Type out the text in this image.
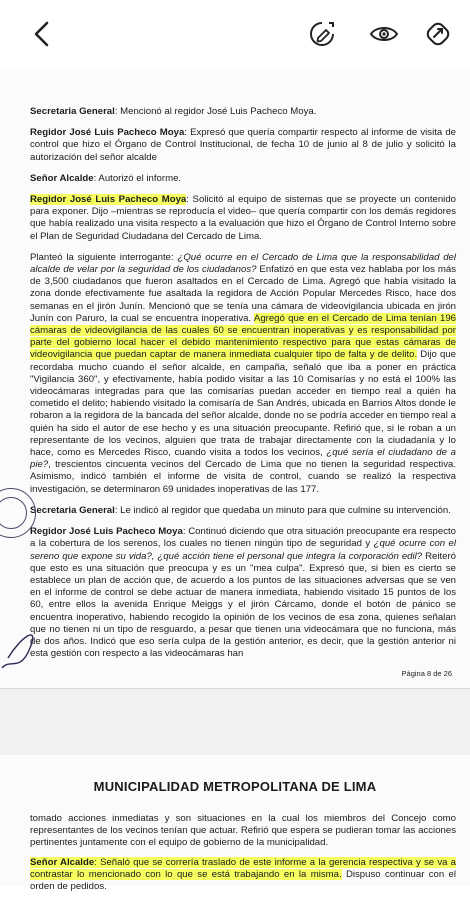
Secretaria General: Mencionó al regidor José Luis Pacheco Moya.

Regidor José Luis Pacheco Moya: Expresó que quería compartir respecto al informe de visita de control que hizo el Órgano de Control Institucional, de fecha 10 de junio al 8 de julio y solicitó la autorización del señor alcalde

Señor Alcalde: Autorizó el informe.

Regidor José Luis Pacheco Moya: Solicitó al equipo de sistemas que se proyecte un contenido para exponer. Dijo –mientras se reproducía el video– que quería compartir con los demás regidores que había realizado una visita respecto a la evaluación que hizo el Órgano de Control Interno sobre el Plan de Seguridad Ciudadana del Cercado de Lima.

Planteó la siguiente interrogante: ¿Qué ocurre en el Cercado de Lima que la responsabilidad del alcalde de velar por la seguridad de los ciudadanos? Enfatizó en que esta vez hablaba por los más de 3,500 ciudadanos que fueron asaltados en el Cercado de Lima. Agregó que había visitado la zona donde efectivamente fue asaltada la regidora de Acción Popular Mercedes Risco, hace dos semanas en el jirón Junín. Mencionó que se tenía una cámara de videovigilancia ubicada en jirón Junín con Paruro, la cual se encuentra inoperativa. Agregó que en el Cercado de Lima tenían 196 cámaras de videovigilancia de las cuales 60 se encuentran inoperativas y es responsabilidad por parte del gobierno local hacer el debido mantenimiento respectivo para que estas cámaras de videovigilancia que puedan captar de manera inmediata cualquier tipo de falta y de delito. Dijo que recordaba mucho cuando el señor alcalde, en campaña, señaló que iba a poner en práctica "Vigilancia 360", y efectivamente, había podido visitar a las 10 Comisarías y no está el 100% las videocámaras integradas para que las comisarías puedan acceder en tiempo real a quién ha cometido el delito; habiendo visitado la comisaría de San Andrés, ubicada en Barrios Altos donde le robaron a la regidora de la bancada del señor alcalde, donde no se podría acceder en tiempo real a quién ha sido el autor de ese hecho y es una situación preocupante. Refirió que, si le roban a un representante de los vecinos, alguien que trata de trabajar directamente con la ciudadanía y lo hace, como es Mercedes Risco, cuando visita a todos los vecinos, ¿qué sería el ciudadano de a pie?, trescientos cincuenta vecinos del Cercado de Lima que no tienen la seguridad respectiva. Asimismo, indicó también el informe de visita de control, cuando se realizó la respectiva investigación, se determinaron 69 unidades inoperativas de las 177.

Secretaria General: Le indicó al regidor que quedaba un minuto para que culmine su intervención.

Regidor José Luis Pacheco Moya: Continuó diciendo que otra situación preocupante era respecto a la cobertura de los serenos, los cuales no tienen ningún tipo de seguridad y ¿qué ocurre con el sereno que expone su vida?, ¿qué acción tiene el personal que integra la corporación edil? Reiteró que esto es una situación que preocupa y es un "mea culpa". Expresó que, si bien es cierto se establece un plan de acción que, de acuerdo a los puntos de las situaciones adversas que se ven en el informe de control se debe actuar de manera inmediata, habiendo visitado 15 puntos de los 60, entre ellos la avenida Enrique Meiggs y el jirón Cárcamo, donde el botón de pánico se encuentra inoperativo, habiendo recogido la opinión de los vecinos de esa zona, quienes señalan que no tienen ni un tipo de resguardo, a pesar que tienen una videocámara que no funciona, más de dos años. Indicó que eso sería culpa de la gestión anterior, es decir, que la gestión anterior ni esta gestión con respecto a las videocámaras han

Página 8 de 26
MUNICIPALIDAD METROPOLITANA DE LIMA

tomado acciones inmediatas y son situaciones en la cual los miembros del Concejo como representantes de los vecinos tenían que actuar. Refirió que espera se pudieran tomar las acciones pertinentes juntamente con el equipo de gobierno de la municipalidad.

Señor Alcalde: Señaló que se correría traslado de este informe a la gerencia respectiva y se va a contrastar lo mencionado con lo que se está trabajando en la misma. Dispuso continuar con el orden de pedidos.
